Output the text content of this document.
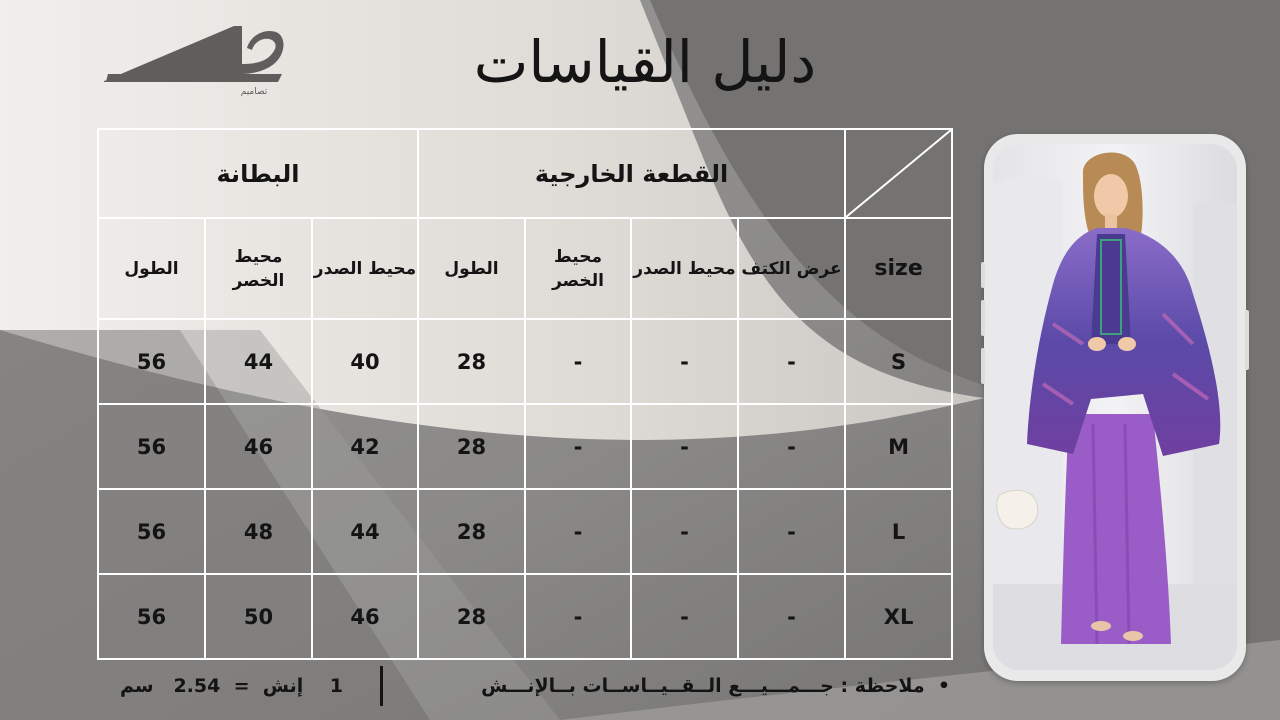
تصاميم	دليل القياسات
البطانة			القطعة الخارجية	

الطول	محيط الخصر	محيط الصدر	الطول	محيط الخصر	محيط الصدر	عرض الكتف	size
56	44	40	28	-	-	-	S
56	46	42	28	-	-	-	M
56	48	44	28	-	-	-	L
56	50	46	28	-	-	-	XL
•  ملاحظة : جـــمـــيـــع الــقــيــاســات بــالإنـــش
سم 2.54 = إنش 1
